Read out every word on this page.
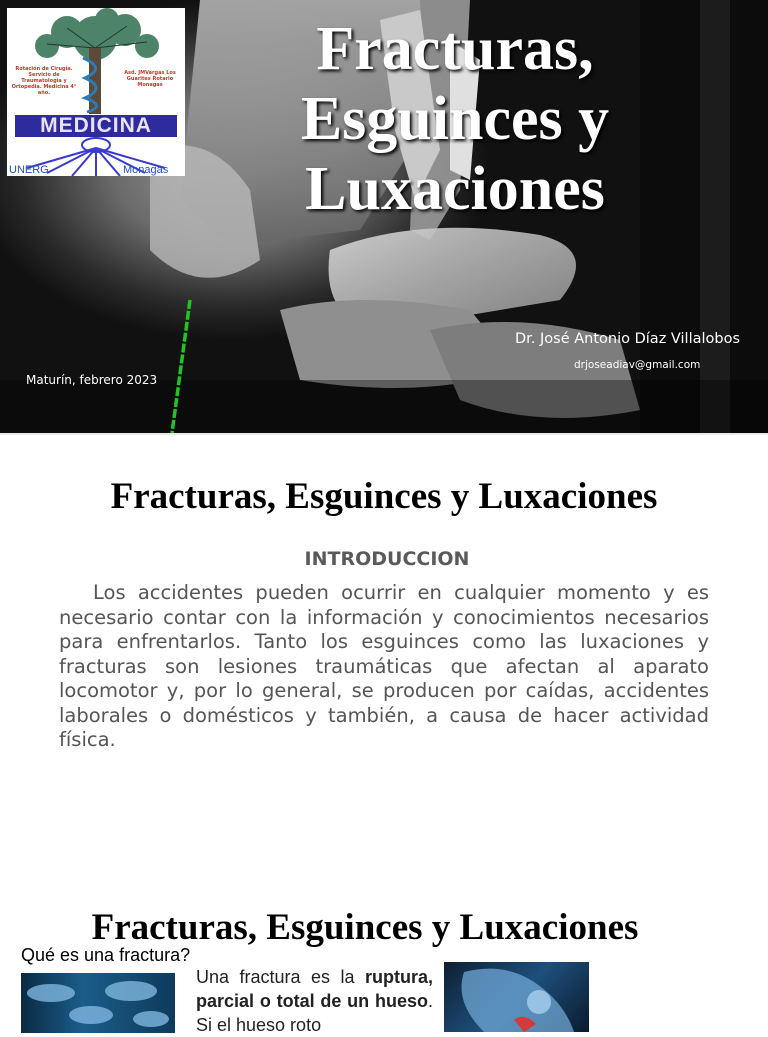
Rotación de Cirugía. Servicio de Traumatología y Ortopedia. Medicina 4° año.
Asd. JMVargas Los Guarites Rotario Monagas
MEDICINA
UNERG	Monagas
Fracturas, Esguinces y Luxaciones
Dr. José Antonio Díaz Villalobos
drjoseadiav@gmail.com
Maturín, febrero 2023
Fracturas, Esguinces y Luxaciones
INTRODUCCION
Los accidentes pueden ocurrir en cualquier momento y es necesario contar con la información y conocimientos necesarios para enfrentarlos. Tanto los esguinces como las luxaciones y fracturas son lesiones traumáticas que afectan al aparato locomotor y, por lo general, se producen por caídas, accidentes laborales o domésticos y también, a causa de hacer actividad física.
Fracturas, Esguinces y Luxaciones
Qué es una fractura?
Una fractura es la ruptura, parcial o total de un hueso. Si el hueso roto
